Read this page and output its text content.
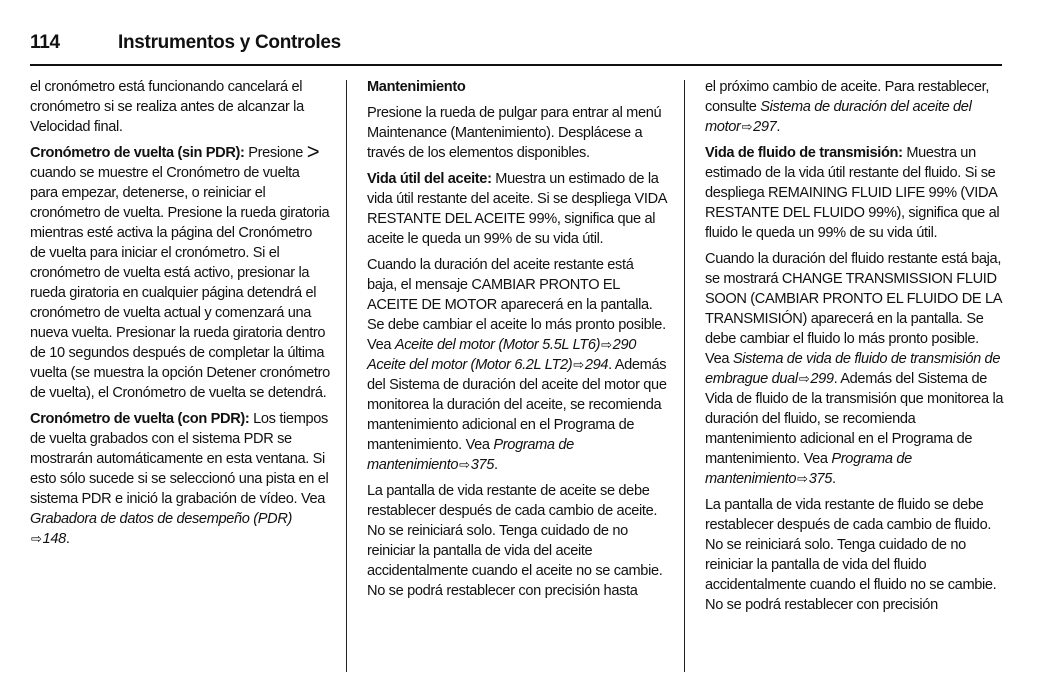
114	Instrumentos y Controles

el cronómetro está funcionando cancelará el cronómetro si se realiza antes de alcanzar la Velocidad final.

Cronómetro de vuelta (sin PDR): Presione > cuando se muestre el Cronómetro de vuelta para empezar, detenerse, o reiniciar el cronómetro de vuelta. Presione la rueda giratoria mientras esté activa la página del Cronómetro de vuelta para iniciar el cronómetro. Si el cronómetro de vuelta está activo, presionar la rueda giratoria en cualquier página detendrá el cronómetro de vuelta actual y comenzará una nueva vuelta. Presionar la rueda giratoria dentro de 10 segundos después de completar la última vuelta (se muestra la opción Detener cronómetro de vuelta), el Cronómetro de vuelta se detendrá.

Cronómetro de vuelta (con PDR): Los tiempos de vuelta grabados con el sistema PDR se mostrarán automáticamente en esta ventana. Si esto sólo sucede si se seleccionó una pista en el sistema PDR e inició la grabación de vídeo. Vea Grabadora de datos de desempeño (PDR)
⇨148.

Mantenimiento

Presione la rueda de pulgar para entrar al menú Maintenance (Mantenimiento). Desplácese a través de los elementos disponibles.

Vida útil del aceite: Muestra un estimado de la vida útil restante del aceite. Si se despliega VIDA RESTANTE DEL ACEITE 99%, significa que al aceite le queda un 99% de su vida útil.

Cuando la duración del aceite restante está baja, el mensaje CAMBIAR PRONTO EL ACEITE DE MOTOR aparecerá en la pantalla. Se debe cambiar el aceite lo más pronto posible. Vea Aceite del motor (Motor 5.5L LT6)⇨290 Aceite del motor (Motor 6.2L LT2)⇨294. Además del Sistema de duración del aceite del motor que monitorea la duración del aceite, se recomienda mantenimiento adicional en el Programa de mantenimiento. Vea Programa de mantenimiento⇨375.

La pantalla de vida restante de aceite se debe restablecer después de cada cambio de aceite. No se reiniciará solo. Tenga cuidado de no reiniciar la pantalla de vida del aceite accidentalmente cuando el aceite no se cambie. No se podrá restablecer con precisión hasta

el próximo cambio de aceite. Para restablecer, consulte Sistema de duración del aceite del motor⇨297.

Vida de fluido de transmisión: Muestra un estimado de la vida útil restante del fluido. Si se despliega REMAINING FLUID LIFE 99% (VIDA RESTANTE DEL FLUIDO 99%), significa que al fluido le queda un 99% de su vida útil.

Cuando la duración del fluido restante está baja, se mostrará CHANGE TRANSMISSION FLUID SOON (CAMBIAR PRONTO EL FLUIDO DE LA TRANSMISIÓN) aparecerá en la pantalla. Se debe cambiar el fluido lo más pronto posible. Vea Sistema de vida de fluido de transmisión de embrague dual⇨299. Además del Sistema de Vida de fluido de la transmisión que monitorea la duración del fluido, se recomienda mantenimiento adicional en el Programa de mantenimiento. Vea Programa de mantenimiento⇨375.

La pantalla de vida restante de fluido se debe restablecer después de cada cambio de fluido. No se reiniciará solo. Tenga cuidado de no reiniciar la pantalla de vida del fluido accidentalmente cuando el fluido no se cambie. No se podrá restablecer con precisión
